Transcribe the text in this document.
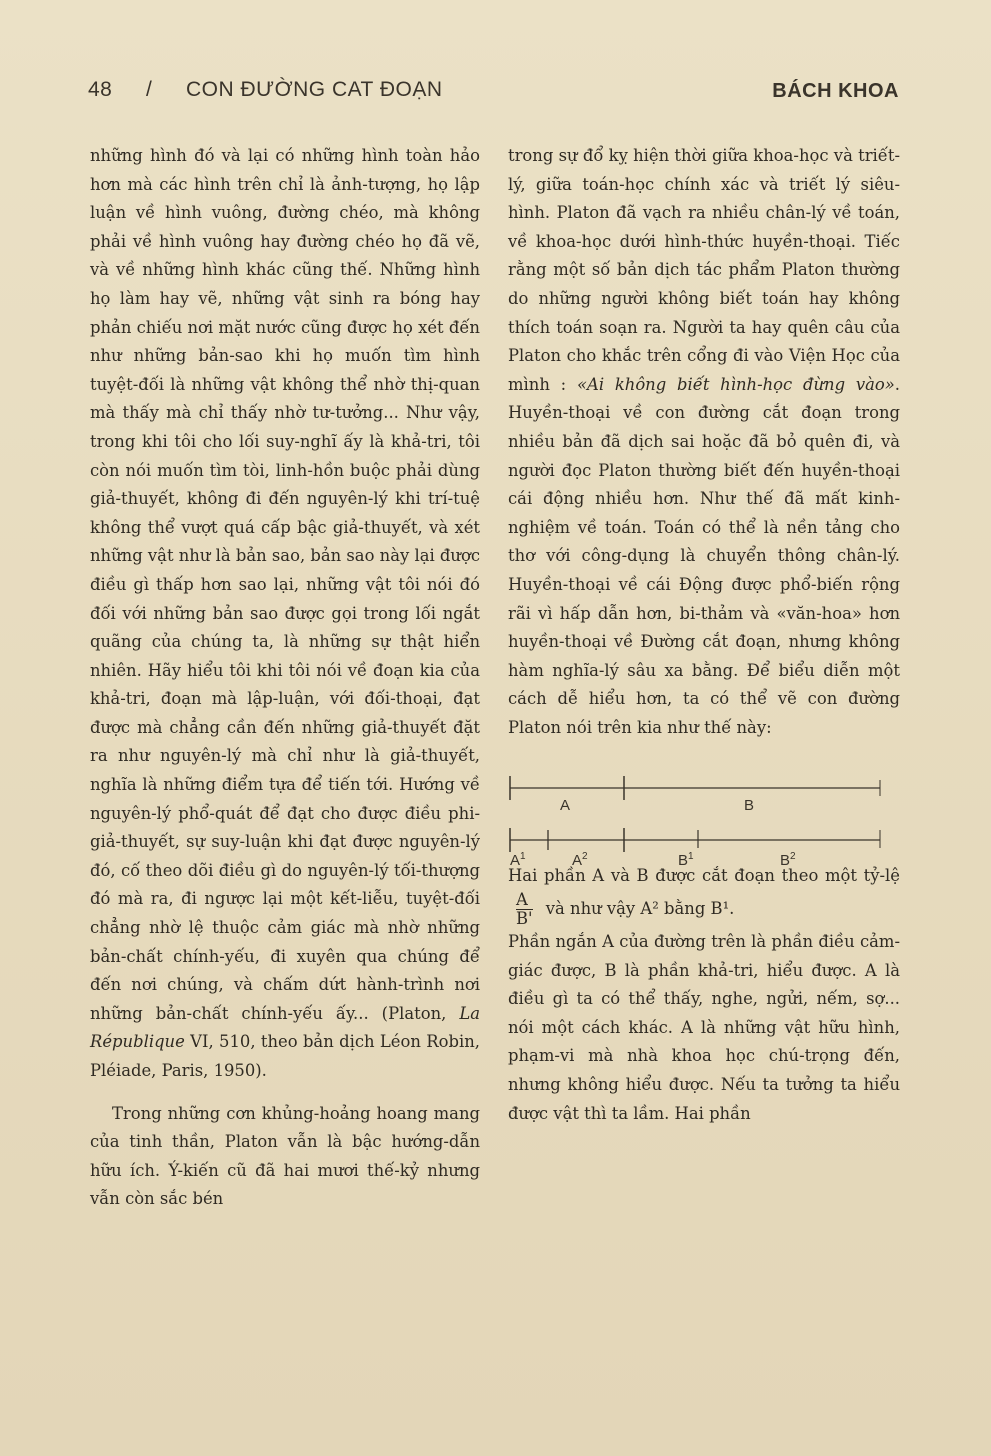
48 / CON ĐƯỜNG CAT ĐOẠN	BÁCH KHOA

những hình đó và lại có những hình toàn hảo hơn mà các hình trên chỉ là ảnh-tượng, họ lập luận về hình vuông, đường chéo, mà không phải về hình vuông hay đường chéo họ đã vẽ, và về những hình khác cũng thế. Những hình họ làm hay vẽ, những vật sinh ra bóng hay phản chiếu nơi mặt nước cũng được họ xét đến như những bản-sao khi họ muốn tìm hình tuyệt-đối là những vật không thể nhờ thị-quan mà thấy mà chỉ thấy nhờ tư-tưởng... Như vậy, trong khi tôi cho lối suy-nghĩ ấy là khả-tri, tôi còn nói muốn tìm tòi, linh-hồn buộc phải dùng giả-thuyết, không đi đến nguyên-lý khi trí-tuệ không thể vượt quá cấp bậc giả-thuyết, và xét những vật như là bản sao, bản sao này lại được điều gì thấp hơn sao lại, những vật tôi nói đó đối với những bản sao được gọi trong lối ngắt quãng của chúng ta, là những sự thật hiển nhiên. Hãy hiểu tôi khi tôi nói về đoạn kia của khả-tri, đoạn mà lập-luận, với đối-thoại, đạt được mà chẳng cần đến những giả-thuyết đặt ra như nguyên-lý mà chỉ như là giả-thuyết, nghĩa là những điểm tựa để tiến tới. Hướng về nguyên-lý phổ-quát để đạt cho được điều phi-giả-thuyết, sự suy-luận khi đạt được nguyên-lý đó, cố theo dõi điều gì do nguyên-lý tối-thượng đó mà ra, đi ngược lại một kết-liễu, tuyệt-đối chẳng nhờ lệ thuộc cảm giác mà nhờ những bản-chất chính-yếu, đi xuyên qua chúng để đến nơi chúng, và chấm dứt hành-trình nơi những bản-chất chính-yếu ấy... (Platon, La République VI, 510, theo bản dịch Léon Robin, Pléiade, Paris, 1950).

Trong những cơn khủng-hoảng hoang mang của tinh thần, Platon vẫn là bậc hướng-dẫn hữu ích. Ý-kiến cũ đã hai mươi thế-kỷ nhưng vẫn còn sắc bén

trong sự đổ kỵ hiện thời giữa khoa-học và triết-lý, giữa toán-học chính xác và triết lý siêu-hình. Platon đã vạch ra nhiều chân-lý về toán, về khoa-học dưới hình-thức huyền-thoại. Tiếc rằng một số bản dịch tác phẩm Platon thường do những người không biết toán hay không thích toán soạn ra. Người ta hay quên câu của Platon cho khắc trên cổng đi vào Viện Học của mình : «Ai không biết hình-học đừng vào». Huyền-thoại về con đường cắt đoạn trong nhiều bản đã dịch sai hoặc đã bỏ quên đi, và người đọc Platon thường biết đến huyền-thoại cái động nhiều hơn. Như thế đã mất kinh-nghiệm về toán. Toán có thể là nền tảng cho thơ với công-dụng là chuyển thông chân-lý. Huyền-thoại về cái Động được phổ-biến rộng rãi vì hấp dẫn hơn, bi-thảm và «văn-hoa» hơn huyền-thoại về Đường cắt đoạn, nhưng không hàm nghĩa-lý sâu xa bằng. Để biểu diễn một cách dễ hiểu hơn, ta có thể vẽ con đường Platon nói trên kia như thế này:

A	B
$A^1$	$A^2$	$B^1$	$B^2$

Hai phần A và B được cắt đoạn theo một tỷ-lệ
$\frac{A}{B'}$ và như vậy A² bằng B¹.

Phần ngắn A của đường trên là phần điều cảm-giác được, B là phần khả-tri, hiểu được. A là điều gì ta có thể thấy, nghe, ngửi, nếm, sợ... nói một cách khác. A là những vật hữu hình, phạm-vi mà nhà khoa học chú-trọng đến, nhưng không hiểu được. Nếu ta tưởng ta hiểu được vật thì ta lầm. Hai phần
